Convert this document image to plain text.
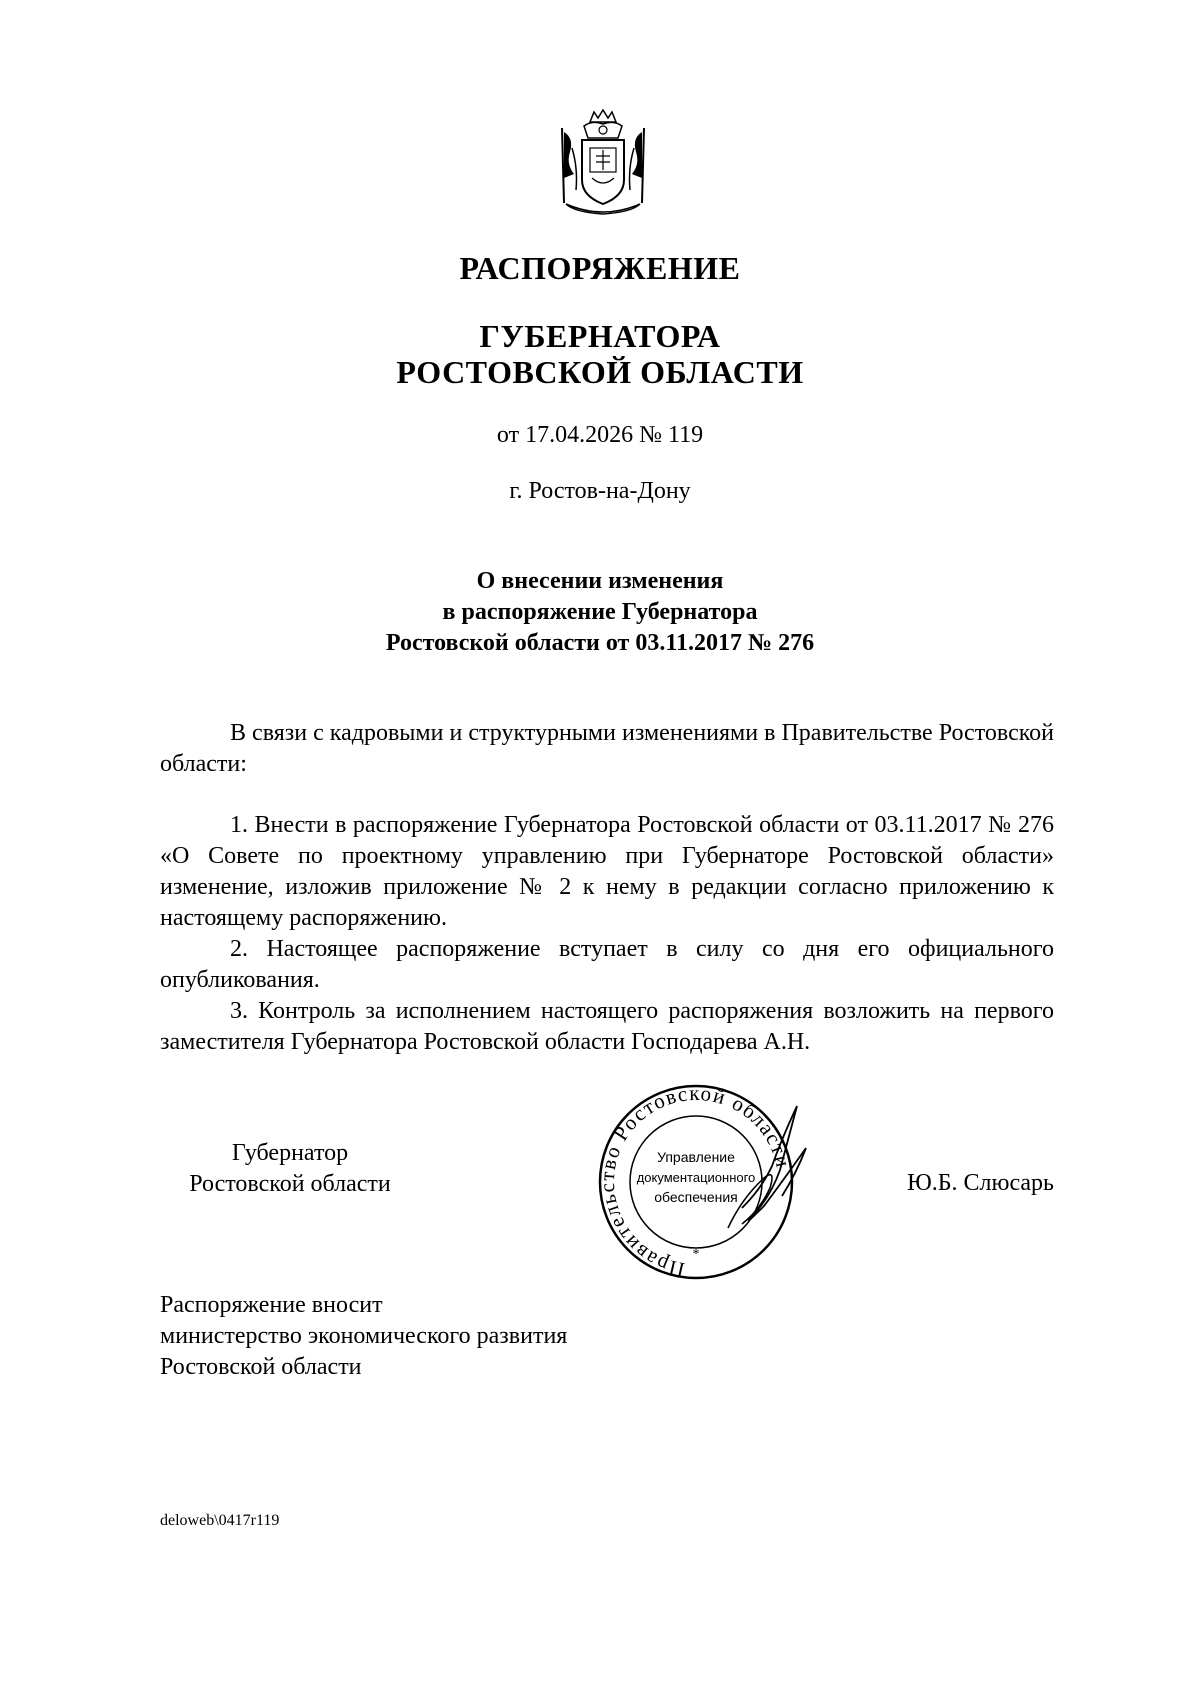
РАСПОРЯЖЕНИЕ
ГУБЕРНАТОРА
РОСТОВСКОЙ ОБЛАСТИ
от 17.04.2026 № 119
г. Ростов-на-Дону
О внесении изменения
в распоряжение Губернатора
Ростовской области от 03.11.2017 № 276

В связи с кадровыми и структурными изменениями в Правительстве Ростовской области:

1. Внести в распоряжение Губернатора Ростовской области от 03.11.2017 № 276 «О Совете по проектному управлению при Губернаторе Ростовской области» изменение, изложив приложение № 2 к нему в редакции согласно приложению к настоящему распоряжению.

2. Настоящее распоряжение вступает в силу со дня его официального опубликования.

3. Контроль за исполнением настоящего распоряжения возложить на первого заместителя Губернатора Ростовской области Господарева А.Н.

Губернатор
Ростовской области
Правительство Ростовской области
Управление
документационного
обеспечения
*
Ю.Б. Слюсарь
Распоряжение вносит
министерство экономического развития
Ростовской области
deloweb\0417r119
